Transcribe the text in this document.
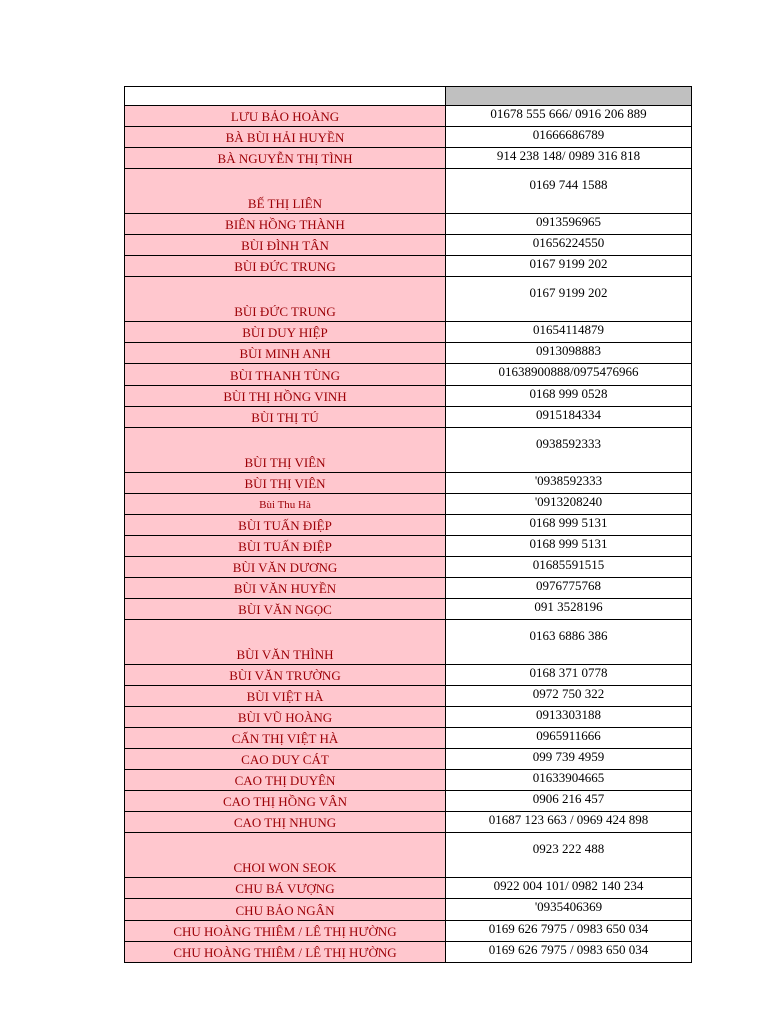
LƯU BẢO HOÀNG	01678 555 666/ 0916 206 889
BÀ BÙI HẢI HUYỀN	01666686789
BÀ NGUYỄN THỊ TÌNH	914 238 148/ 0989 316 818
BẾ THỊ LIÊN	0169 744 1588
BIÊN HỒNG THÀNH	0913596965
BÙI ĐÌNH TÂN	01656224550
BÙI ĐỨC TRUNG	0167 9199 202
BÙI ĐỨC TRUNG	0167 9199 202
BÙI DUY HIỆP	01654114879
BÙI MINH ANH	0913098883
BÙI THANH TÙNG	01638900888/0975476966
BÙI THỊ HỒNG VINH	0168 999 0528
BÙI THỊ TÚ	0915184334
BÙI THỊ VIÊN	0938592333
BÙI THỊ VIÊN	'0938592333
Bùi Thu Hà	'0913208240
BÙI TUẤN ĐIỆP	0168 999 5131
BÙI TUẤN ĐIỆP	0168 999 5131
BÙI VĂN DƯƠNG	01685591515
BÙI VĂN HUYỀN	0976775768
BÙI VĂN NGỌC	091 3528196
BÙI VĂN THÌNH	0163 6886 386
BÙI VĂN TRƯỜNG	0168 371 0778
BÙI VIỆT HÀ	0972 750 322
BÙI VŨ HOÀNG	0913303188
CẤN THỊ VIỆT HÀ	0965911666
CAO DUY CÁT	099 739 4959
CAO THỊ DUYÊN	01633904665
CAO THỊ HỒNG VÂN	0906 216 457
CAO THỊ NHUNG	01687 123 663 / 0969 424 898
CHOI WON SEOK	0923 222 488
CHU BÁ VƯỢNG	0922 004 101/ 0982 140 234
CHU BẢO NGÂN	'0935406369
CHU HOÀNG THIÊM / LÊ THỊ HƯỜNG	0169 626 7975 / 0983 650 034
CHU HOÀNG THIÊM / LÊ THỊ HƯỜNG	0169 626 7975 / 0983 650 034
